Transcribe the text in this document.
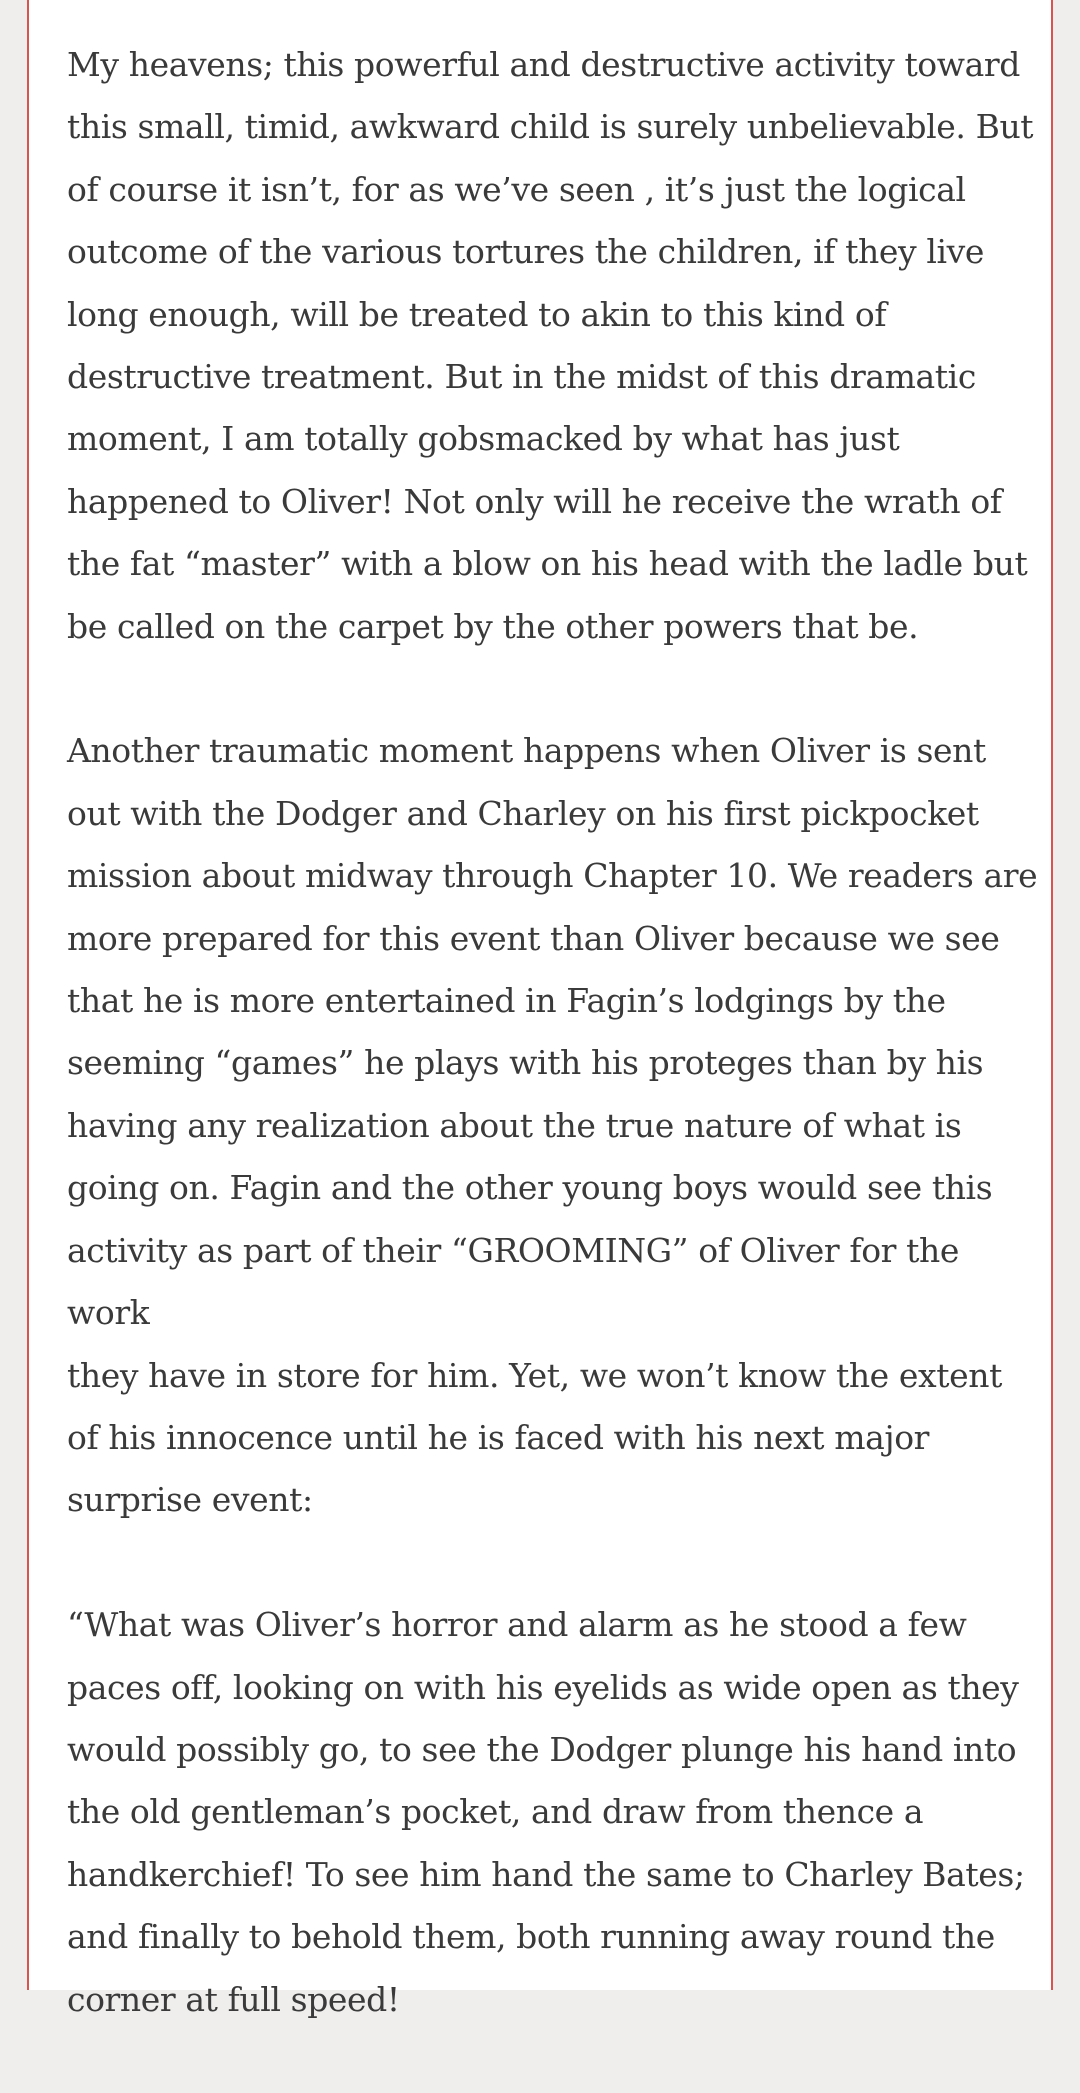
My heavens; this powerful and destructive activity toward
this small, timid, awkward child is surely unbelievable. But
of course it isn’t, for as we’ve seen , it’s just the logical
outcome of the various tortures the children, if they live
long enough, will be treated to akin to this kind of
destructive treatment. But in the midst of this dramatic
moment, I am totally gobsmacked by what has just
happened to Oliver! Not only will he receive the wrath of
the fat “master” with a blow on his head with the ladle but
be called on the carpet by the other powers that be.

Another traumatic moment happens when Oliver is sent
out with the Dodger and Charley on his first pickpocket
mission about midway through Chapter 10. We readers are
more prepared for this event than Oliver because we see
that he is more entertained in Fagin’s lodgings by the
seeming “games” he plays with his proteges than by his
having any realization about the true nature of what is
going on. Fagin and the other young boys would see this
activity as part of their “GROOMING” of Oliver for the work
they have in store for him. Yet, we won’t know the extent
of his innocence until he is faced with his next major
surprise event:

“What was Oliver’s horror and alarm as he stood a few
paces off, looking on with his eyelids as wide open as they
would possibly go, to see the Dodger plunge his hand into
the old gentleman’s pocket, and draw from thence a
handkerchief! To see him hand the same to Charley Bates;
and finally to behold them, both running away round the
corner at full speed!
